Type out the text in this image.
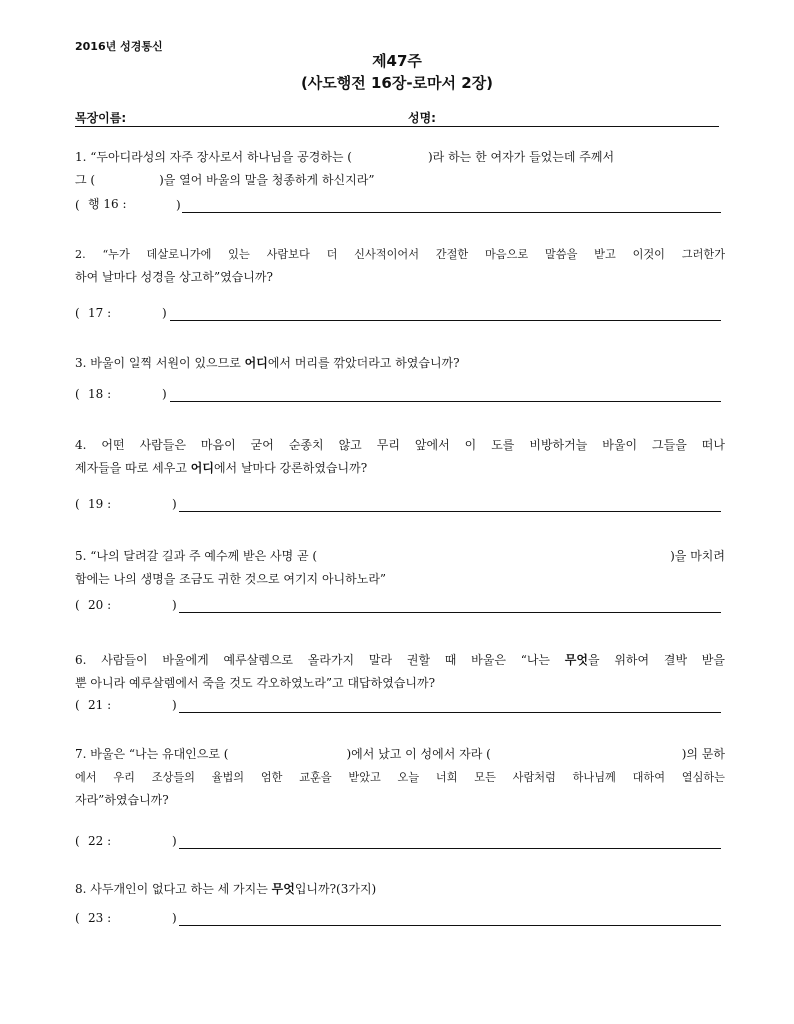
2016년 성경통신
제47주
(사도행전 16장-로마서 2장)
목장이름:	성명:
1. “두아디라성의 자주 장사로서 하나님을 공경하는 (	)라 하는 한 여자가 들었는데 주께서
그 (	)을 열어 바울의 말을 청종하게 하신지라”
( 행 16 :	)
2. “누가 데살로니가에 있는 사람보다 더 신사적이어서 간절한 마음으로 말씀을 받고 이것이 그러한가
하여 날마다 성경을 상고하”였습니까?
( 17 :	)
3. 바울이 일찍 서원이 있으므로 어디에서 머리를 깎았더라고 하였습니까?
( 18 :	)
4. 어떤 사람들은 마음이 굳어 순종치 않고 무리 앞에서 이 도를 비방하거늘 바울이 그들을 떠나
제자들을 따로 세우고 어디에서 날마다 강론하였습니까?
( 19 :	)
5. “나의 달려갈 길과 주 예수께 받은 사명 곧 (	)을 마치려
함에는 나의 생명을 조금도 귀한 것으로 여기지 아니하노라”
( 20 :	)
6. 사람들이 바울에게 예루살렘으로 올라가지 말라 권할 때 바울은 “나는 무엇을 위하여 결박 받을
뿐 아니라 예루살렘에서 죽을 것도 각오하였노라”고 대답하였습니까?
( 21 :	)
7. 바울은 “나는 유대인으로 (	)에서 났고 이 성에서 자라 (	)의 문하
에서 우리 조상들의 율법의 엄한 교훈을 받았고 오늘 너희 모든 사람처럼 하나님께 대하여 열심하는
자라”하였습니까?
( 22 :	)
8. 사두개인이 없다고 하는 세 가지는 무엇입니까?(3가지)
( 23 :	)
